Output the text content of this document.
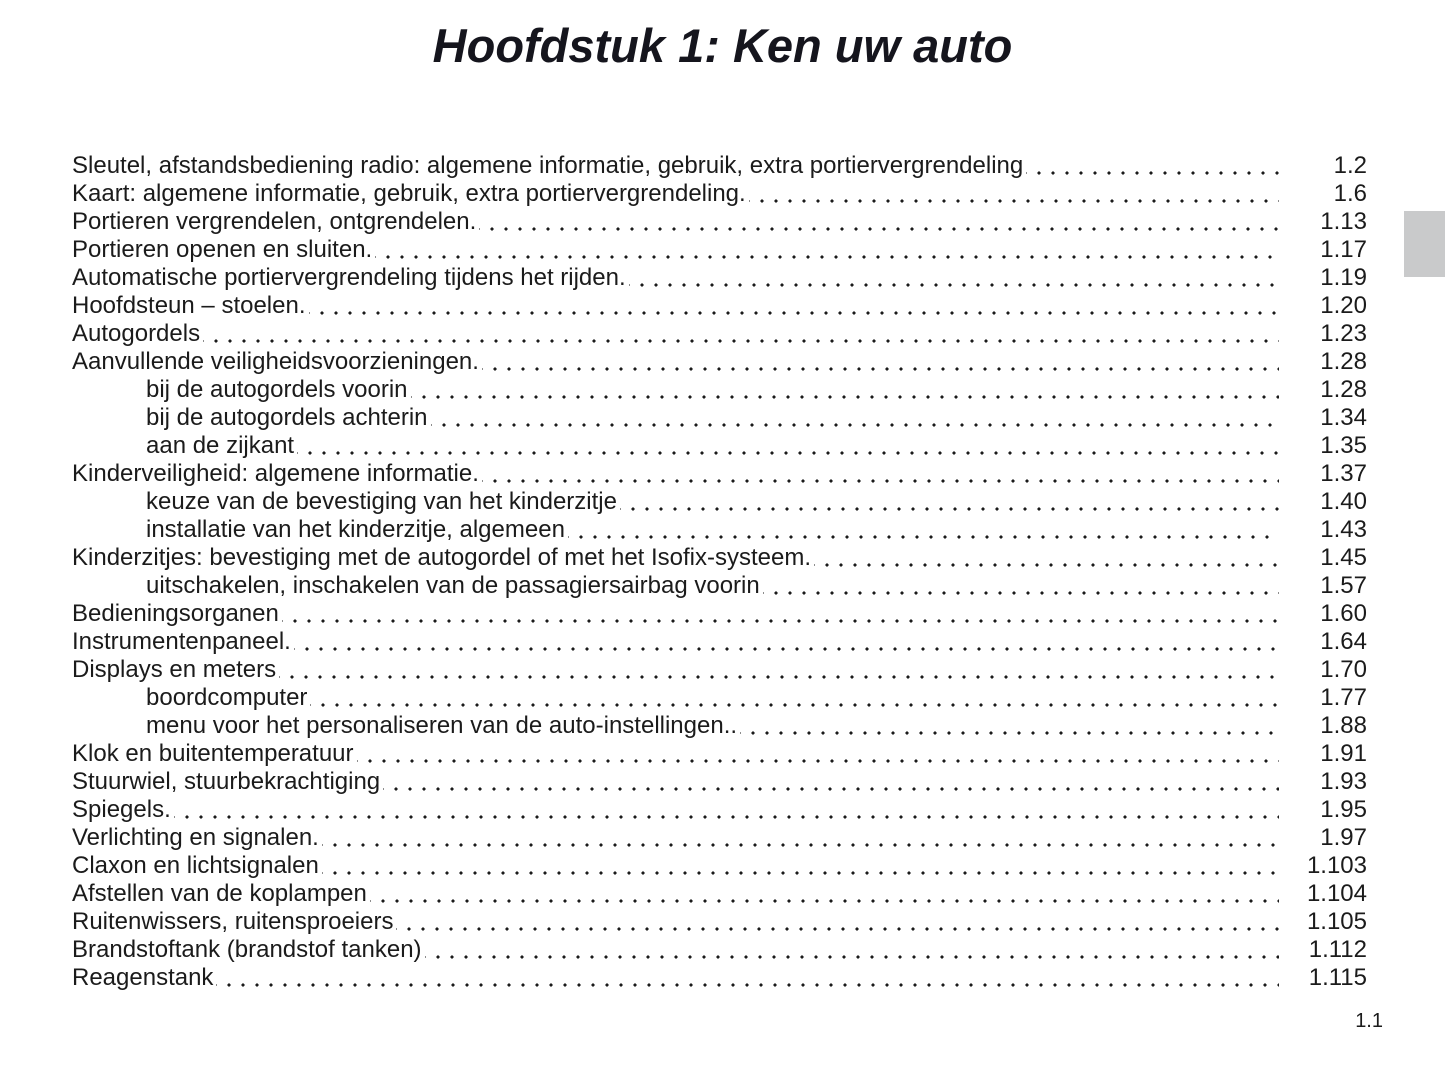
Hoofdstuk 1: Ken uw auto
Sleutel, afstandsbediening radio: algemene informatie, gebruik, extra portiervergrendeling	1.2
Kaart: algemene informatie, gebruik, extra portiervergrendeling.	1.6
Portieren vergrendelen, ontgrendelen.	1.13
Portieren openen en sluiten.	1.17
Automatische portiervergrendeling tijdens het rijden.	1.19
Hoofdsteun – stoelen.	1.20
Autogordels	1.23
Aanvullende veiligheidsvoorzieningen.	1.28
bij de autogordels voorin	1.28
bij de autogordels achterin	1.34
aan de zijkant	1.35
Kinderveiligheid: algemene informatie.	1.37
keuze van de bevestiging van het kinderzitje	1.40
installatie van het kinderzitje, algemeen	1.43
Kinderzitjes: bevestiging met de autogordel of met het Isofix-systeem.	1.45
uitschakelen, inschakelen van de passagiersairbag voorin	1.57
Bedieningsorganen	1.60
Instrumentenpaneel.	1.64
Displays en meters	1.70
boordcomputer	1.77
menu voor het personaliseren van de auto-instellingen..	1.88
Klok en buitentemperatuur	1.91
Stuurwiel, stuurbekrachtiging	1.93
Spiegels.	1.95
Verlichting en signalen.	1.97
Claxon en lichtsignalen	1.103
Afstellen van de koplampen	1.104
Ruitenwissers, ruitensproeiers	1.105
Brandstoftank (brandstof tanken)	1.112
Reagenstank	1.115
1.1
